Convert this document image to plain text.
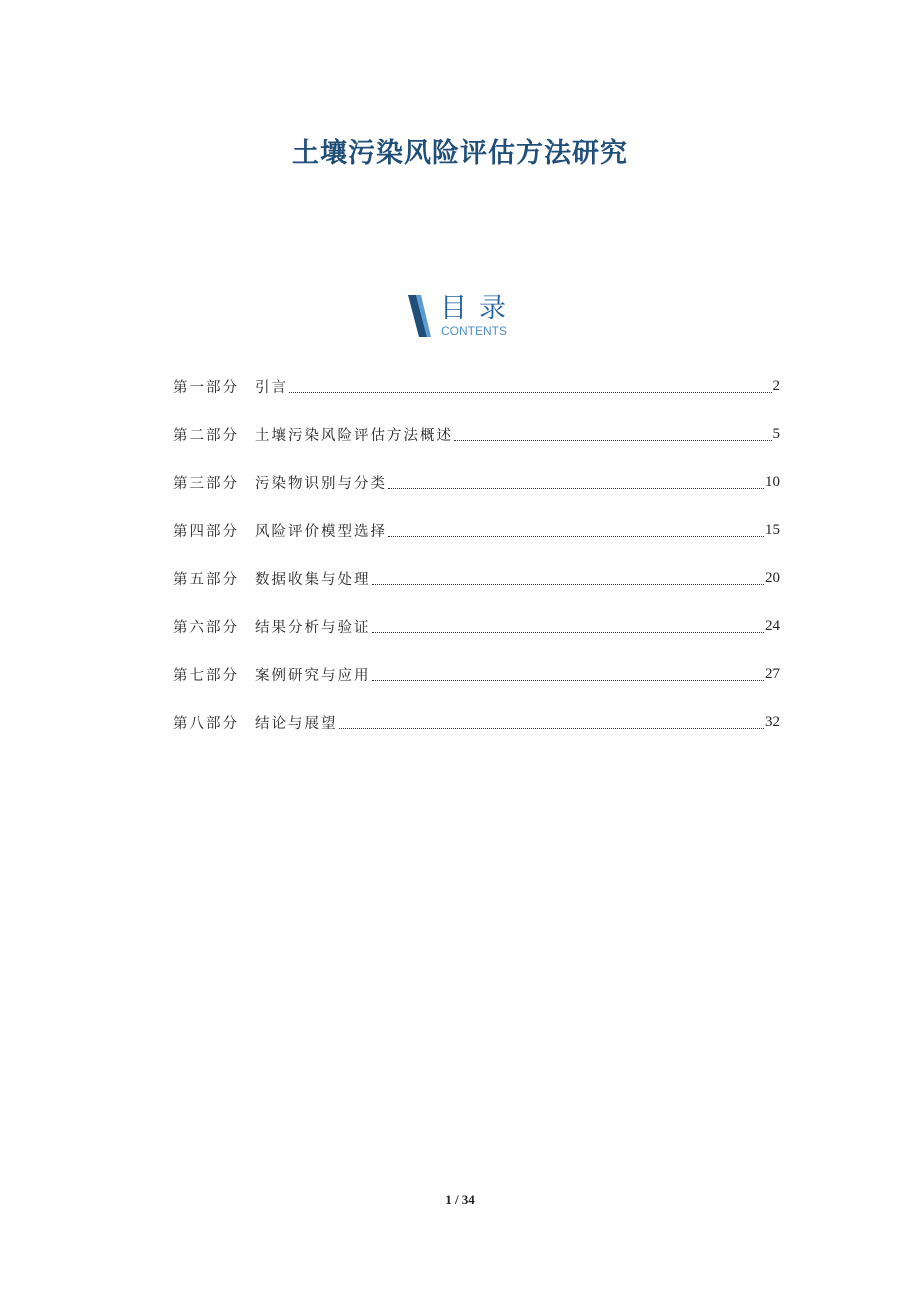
土壤污染风险评估方法研究
目录
CONTENTS
第一部分	引言	2
第二部分	土壤污染风险评估方法概述	5
第三部分	污染物识别与分类	10
第四部分	风险评价模型选择	15
第五部分	数据收集与处理	20
第六部分	结果分析与验证	24
第七部分	案例研究与应用	27
第八部分	结论与展望	32
1 / 34
